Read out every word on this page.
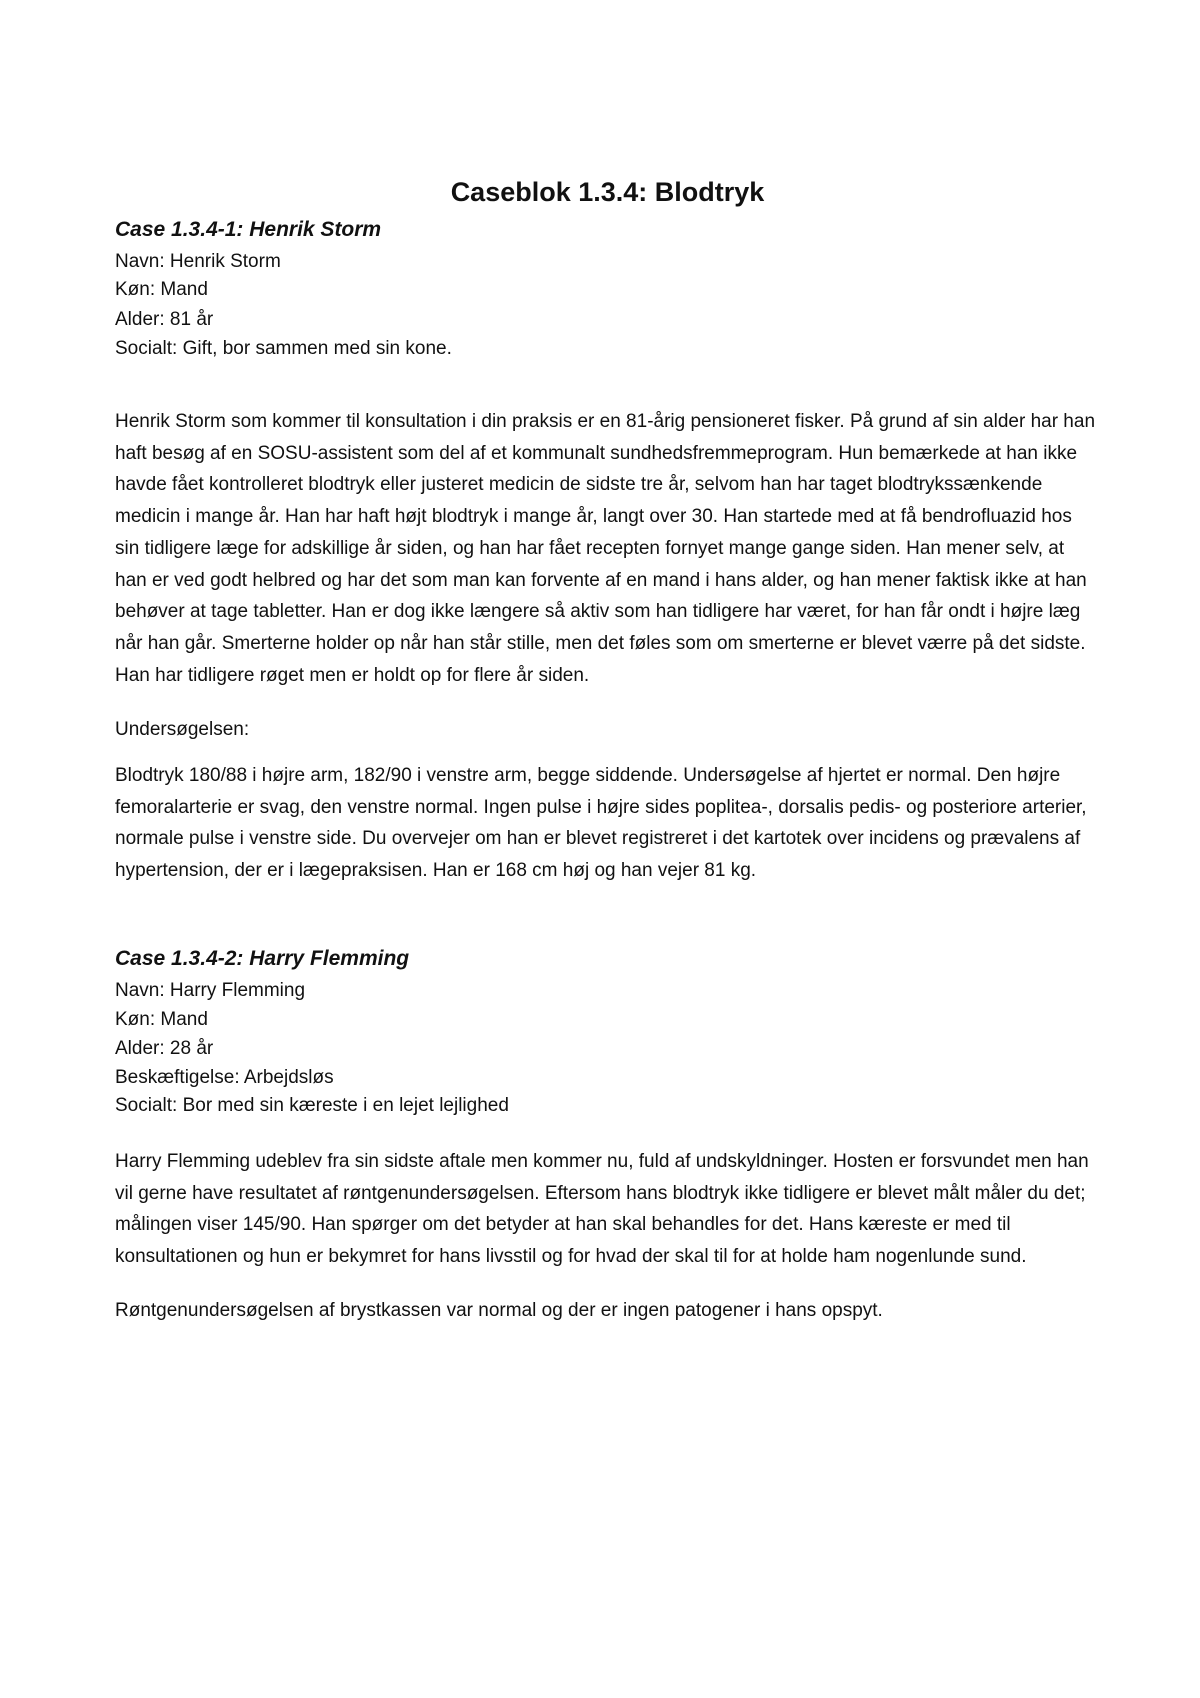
Caseblok 1.3.4: Blodtryk
Case 1.3.4-1: Henrik Storm

Navn: Henrik Storm

Køn: Mand

Alder: 81 år

Socialt: Gift, bor sammen med sin kone.

Henrik Storm som kommer til konsultation i din praksis er en 81-årig pensioneret fisker. På grund af sin alder har han haft besøg af en SOSU-assistent som del af et kommunalt sundhedsfremmeprogram. Hun bemærkede at han ikke havde fået kontrolleret blodtryk eller justeret medicin de sidste tre år, selvom han har taget blodtrykssænkende medicin i mange år. Han har haft højt blodtryk i mange år, langt over 30. Han startede med at få bendrofluazid hos sin tidligere læge for adskillige år siden, og han har fået recepten fornyet mange gange siden. Han mener selv, at han er ved godt helbred og har det som man kan forvente af en mand i hans alder, og han mener faktisk ikke at han behøver at tage tabletter. Han er dog ikke længere så aktiv som han tidligere har været, for han får ondt i højre læg når han går. Smerterne holder op når han står stille, men det føles som om smerterne er blevet værre på det sidste. Han har tidligere røget men er holdt op for flere år siden.

Undersøgelsen:

Blodtryk 180/88 i højre arm, 182/90 i venstre arm, begge siddende. Undersøgelse af hjertet er normal. Den højre femoralarterie er svag, den venstre normal. Ingen pulse i højre sides poplitea-, dorsalis pedis- og posteriore arterier, normale pulse i venstre side. Du overvejer om han er blevet registreret i det kartotek over incidens og prævalens af hypertension, der er i lægepraksisen. Han er 168 cm høj og han vejer 81 kg.

Case 1.3.4-2: Harry Flemming

Navn: Harry Flemming

Køn: Mand

Alder: 28 år

Beskæftigelse: Arbejdsløs

Socialt: Bor med sin kæreste i en lejet lejlighed

Harry Flemming udeblev fra sin sidste aftale men kommer nu, fuld af undskyldninger. Hosten er forsvundet men han vil gerne have resultatet af røntgenundersøgelsen. Eftersom hans blodtryk ikke tidligere er blevet målt måler du det; målingen viser 145/90. Han spørger om det betyder at han skal behandles for det. Hans kæreste er med til konsultationen og hun er bekymret for hans livsstil og for hvad der skal til for at holde ham nogenlunde sund.

Røntgenundersøgelsen af brystkassen var normal og der er ingen patogener i hans opspyt.
